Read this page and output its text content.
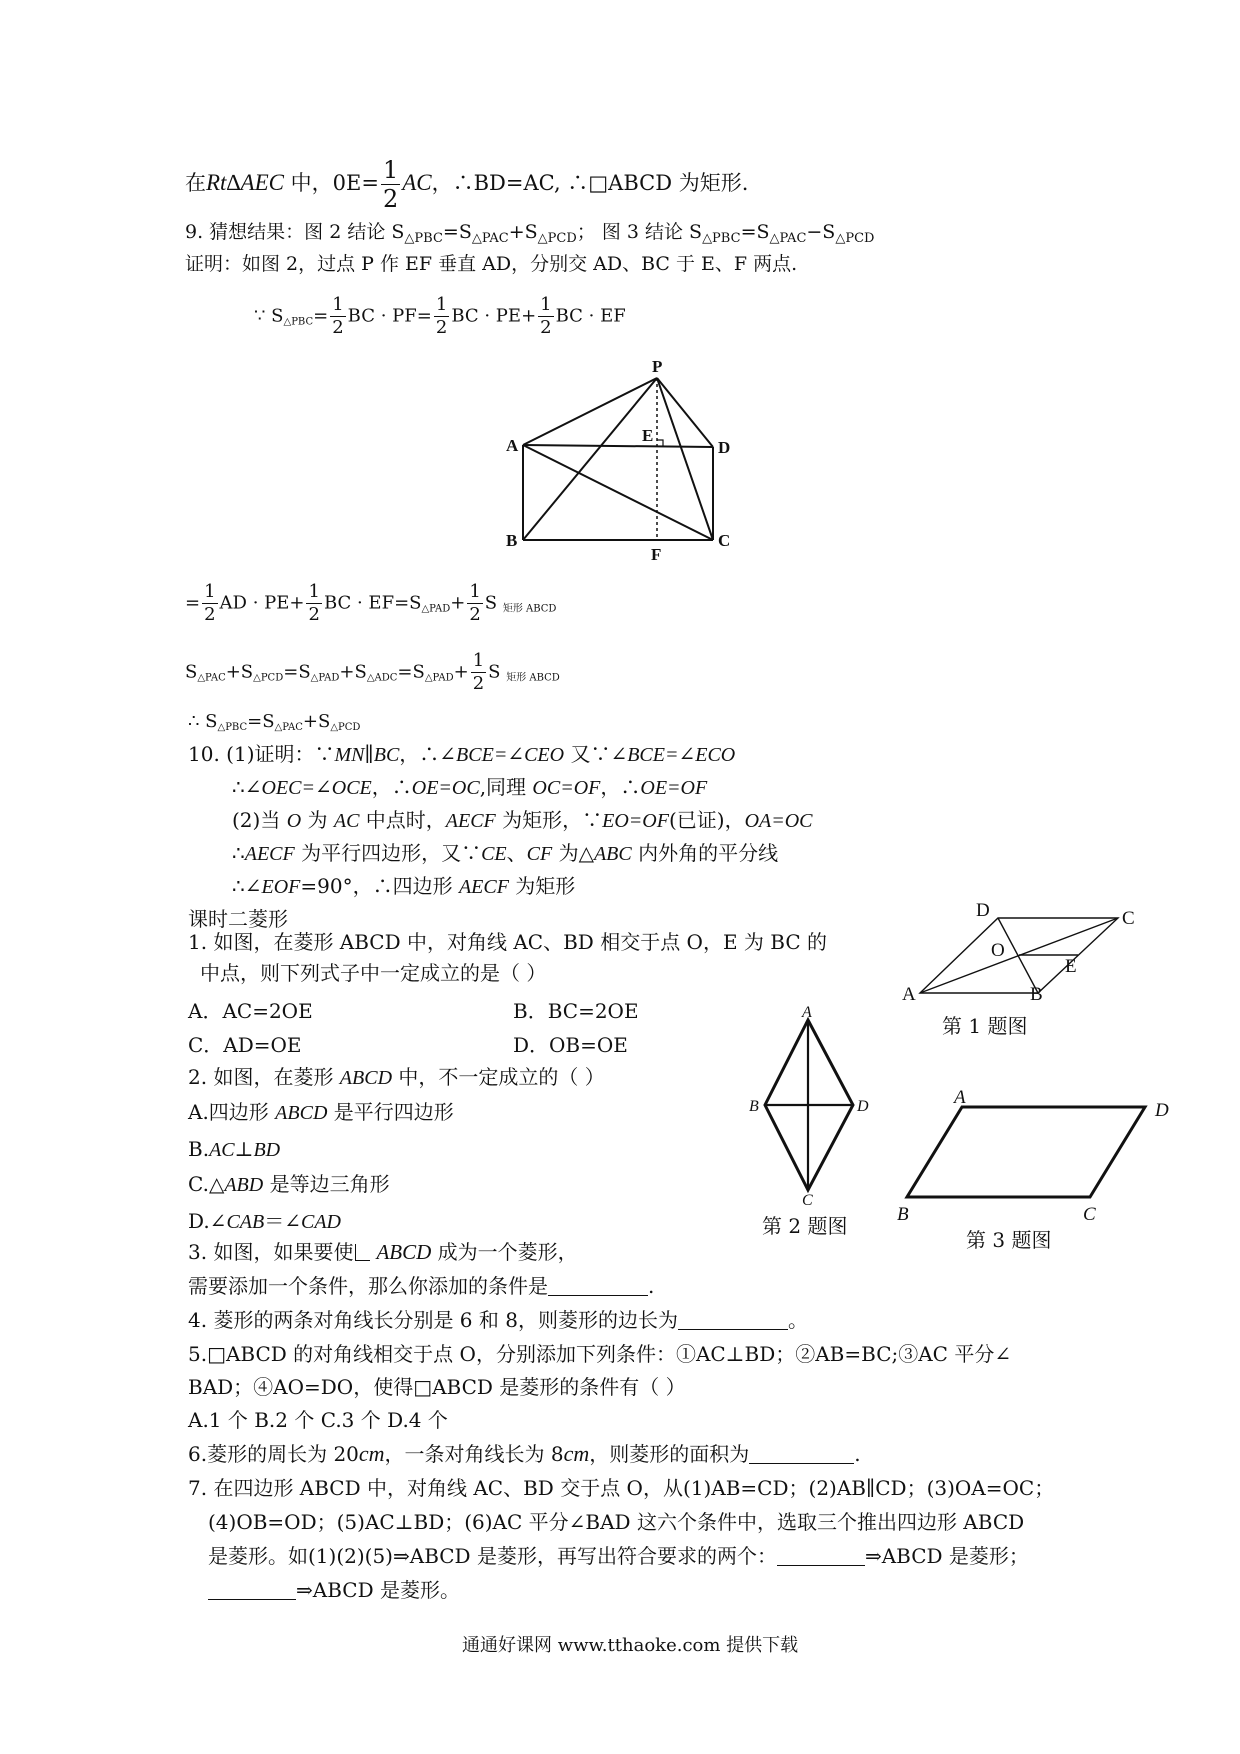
在Rt∆AEC 中，$0E= \frac{1}{2}$ AC，∴BD=AC, ∴□ABCD 为矩形.
9. 猜想结果：图 2 结论 $S_{\triangle PBC}=S_{\triangle PAC}+S_{\triangle PCD}$； 图 3 结论 $S_{\triangle PBC}=S_{\triangle PAC}-S_{\triangle PCD}$
证明：如图 2，过点 P 作 EF 垂直 AD，分别交 AD、BC 于 E、F 两点.
∵ S△PBC= $\frac{1}{2}$ BC · $PF= \frac{1}{2}$ BC · $PE+ \frac{1}{2}$ BC · EF
P
A
E
D
B
F
C
= $\frac{1}{2}$ AD · $PE+ \frac{1}{2}$ BC · EF=S△PAD+ $\frac{1}{2}$ S 矩形 ABCD
S△PAC+S△PCD=S△PAD+S△ADC=S△PAD+ $\frac{1}{2}$ S 矩形 ABCD
∴ S△PBC=S△PAC+S△PCD
10. (1)证明：∵MN∥BC，∴∠BCE=∠CEO 又∵∠BCE=∠ECO
∴∠OEC=∠OCE，∴OE=OC,同理 OC=OF，∴OE=OF
(2)当 O 为 AC 中点时，AECF 为矩形，∵EO=OF(已证)，OA=OC
∴AECF 为平行四边形，又∵CE、CF 为△ABC 内外角的平分线
∴∠EOF=90°，∴四边形 AECF 为矩形
课时二菱形	D	C
O
E
A	B
第 1 题图
1. 如图，在菱形 ABCD 中，对角线 AC、BD 相交于点 O，E 为 BC 的
中点，则下列式子中一定成立的是（ ）
A．AC=2OE	B．BC=2OE
C．AD=OE	D．OB=OE
2. 如图，在菱形 ABCD 中，不一定成立的（ ）
A.四边形 ABCD 是平行四边形
B.AC⊥BD
C.△ABD 是等边三角形
D.∠CAB＝∠CAD
A
B	D
C
第 2 题图
A
D
B	C
第 3 题图
3. 如图，如果要使 ABCD 成为一个菱形，
需要添加一个条件，那么你添加的条件是	.
4. 菱形的两条对角线长分别是 6 和 8，则菱形的边长为	。
5.□ABCD 的对角线相交于点 O，分别添加下列条件：①AC⊥BD；②AB=BC;③AC 平分∠
BAD；④AO=DO，使得□ABCD 是菱形的条件有（ ）
A.1 个 B.2 个 C.3 个 D.4 个
6.菱形的周长为 20cm，一条对角线长为 8cm，则菱形的面积为	.
7. 在四边形 ABCD 中，对角线 AC、BD 交于点 O，从(1)AB=CD；(2)AB∥CD；(3)OA=OC；
(4)OB=OD；(5)AC⊥BD；(6)AC 平分∠BAD 这六个条件中，选取三个推出四边形 ABCD
是菱形。如(1)(2)(5)⇒ABCD 是菱形，再写出符合要求的两个：	⇒ABCD 是菱形；
⇒ABCD 是菱形。
通通好课网 www.tthaoke.com 提供下载
